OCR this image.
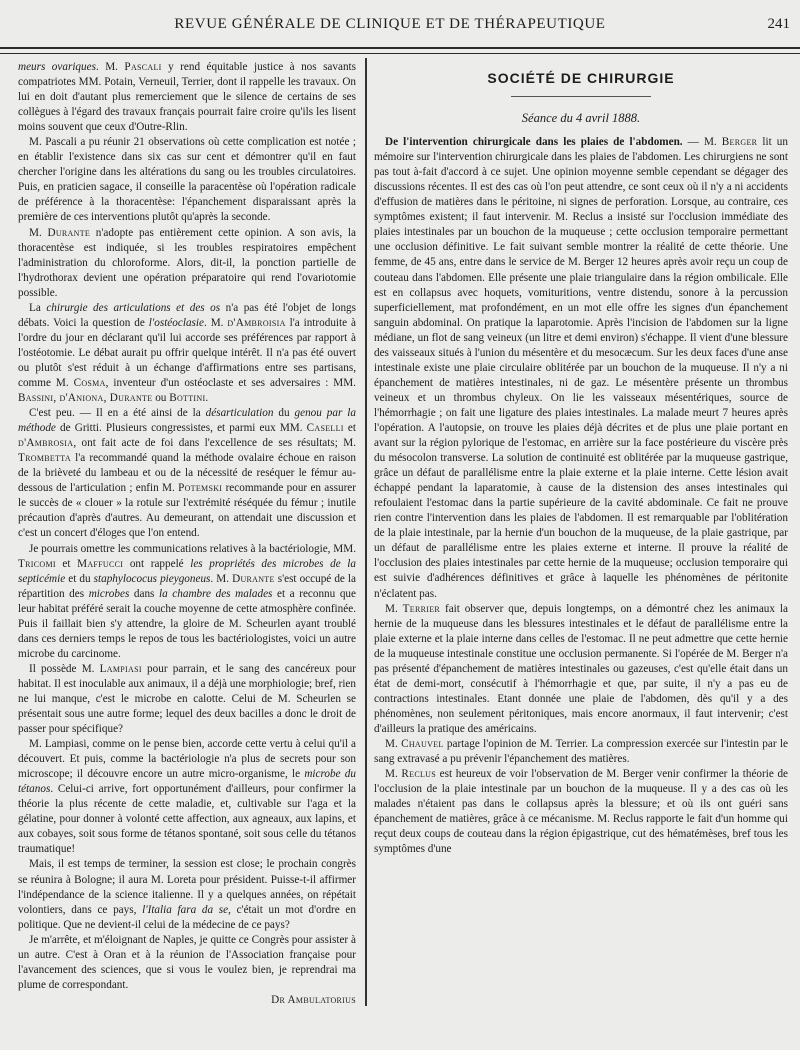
REVUE GÉNÉRALE DE CLINIQUE ET DE THÉRAPEUTIQUE	241

meurs ovariques. M. Pascali y rend équitable justice à nos savants compatriotes MM. Potain, Verneuil, Terrier, dont il rappelle les travaux. On lui en doit d'autant plus remerciement que le silence de certains de ses collègues à l'égard des travaux français pourrait faire croire qu'ils les lisent moins souvent que ceux d'Outre-Rlin.

M. Pascali a pu réunir 21 observations où cette complication est notée ; en établir l'existence dans six cas sur cent et démontrer qu'il en faut chercher l'origine dans les altérations du sang ou les troubles circulatoires. Puis, en praticien sagace, il conseille la paracentèse où l'opération radicale de préférence à la thoracentèse: l'épanchement disparaissant après la première de ces interventions plutôt qu'après la seconde.

M. Durante n'adopte pas entièrement cette opinion. A son avis, la thoracentèse est indiquée, si les troubles respiratoires empêchent l'administration du chloroforme. Alors, dit-il, la ponction partielle de l'hydrothorax devient une opération préparatoire qui rend l'ovariotomie possible.

La chirurgie des articulations et des os n'a pas été l'objet de longs débats. Voici la question de l'ostéoclasie. M. d'Ambroisia l'a introduite à l'ordre du jour en déclarant qu'il lui accorde ses préférences par rapport à l'ostéotomie. Le débat aurait pu offrir quelque intérêt. Il n'a pas été ouvert ou plutôt s'est réduit à un échange d'affirmations entre ses partisans, comme M. Cosma, inventeur d'un ostéoclaste et ses adversaires : MM. Bassini, d'Aniona, Durante ou Bottini.

C'est peu. — Il en a été ainsi de la désarticulation du genou par la méthode de Gritti. Plusieurs congressistes, et parmi eux MM. Caselli et d'Ambrosia, ont fait acte de foi dans l'excellence de ses résultats; M. Trombetta l'a recommandé quand la méthode ovalaire échoue en raison de la brièveté du lambeau et ou de la nécessité de reséquer le fémur au-dessous de l'articulation ; enfin M. Potemski recommande pour en assurer le succès de « clouer » la rotule sur l'extrémité réséquée du fémur ; inutile précaution d'après d'autres. Au demeurant, on attendait une discussion et c'est un concert d'éloges que l'on entend.

Je pourrais omettre les communications relatives à la bactériologie, MM. Tricomi et Maffucci ont rappelé les propriétés des microbes de la septicémie et du staphylococus pieygoneus. M. Durante s'est occupé de la répartition des microbes dans la chambre des malades et a reconnu que leur habitat préféré serait la couche moyenne de cette atmosphère confinée. Puis il faillait bien s'y attendre, la gloire de M. Scheurlen ayant troublé dans ces derniers temps le repos de tous les bactériologistes, voici un autre microbe du carcinome.

Il possède M. Lampiasi pour parrain, et le sang des cancéreux pour habitat. Il est inoculable aux animaux, il a déjà une morphiologie; bref, rien ne lui manque, c'est le microbe en calotte. Celui de M. Scheurlen se présentait sous une autre forme; lequel des deux bacilles a donc le droit de passer pour spécifique?

M. Lampiasi, comme on le pense bien, accorde cette vertu à celui qu'il a découvert. Et puis, comme la bactériologie n'a plus de secrets pour son microscope; il découvre encore un autre micro-organisme, le microbe du tétanos. Celui-ci arrive, fort opportunément d'ailleurs, pour confirmer la théorie la plus récente de cette maladie, et, cultivable sur l'aga et la gélatine, pour donner à volonté cette affection, aux agneaux, aux lapins, et aux cobayes, soit sous forme de tétanos spontané, soit sous celle du tétanos traumatique!

Mais, il est temps de terminer, la session est close; le prochain congrès se réunira à Bologne; il aura M. Loreta pour président. Puisse-t-il affirmer l'indépendance de la science italienne. Il y a quelques années, on répétait volontiers, dans ce pays, l'Italia fara da se, c'était un mot d'ordre en politique. Que ne devient-il celui de la médecine de ce pays?

Je m'arrête, et m'éloignant de Naples, je quitte ce Congrès pour assister à un autre. C'est à Oran et à la réunion de l'Association française pour l'avancement des sciences, que si vous le voulez bien, je reprendrai ma plume de correspondant.

Dr Ambulatorius

SOCIÉTÉ DE CHIRURGIE
Séance du 4 avril 1888.

De l'intervention chirurgicale dans les plaies de l'abdomen. — M. Berger lit un mémoire sur l'intervention chirurgicale dans les plaies de l'abdomen. Les chirurgiens ne sont pas tout à-fait d'accord à ce sujet. Une opinion moyenne semble cependant se dégager des discussions récentes. Il est des cas où l'on peut attendre, ce sont ceux où il n'y a ni accidents d'effusion de matières dans le péritoine, ni signes de perforation. Lorsque, au contraire, ces symptômes existent; il faut intervenir. M. Reclus a insisté sur l'occlusion immédiate des plaies intestinales par un bouchon de la muqueuse ; cette occlusion temporaire permettant une occlusion définitive. Le fait suivant semble montrer la réalité de cette théorie. Une femme, de 45 ans, entre dans le service de M. Berger 12 heures après avoir reçu un coup de couteau dans l'abdomen. Elle présente une plaie triangulaire dans la région ombilicale. Elle est en collapsus avec hoquets, vomituritions, ventre distendu, sonore à la percussion superficiellement, mat profondément, en un mot elle offre les signes d'un épanchement sanguin abdominal. On pratique la laparotomie. Après l'incision de l'abdomen sur la ligne médiane, un flot de sang veineux (un litre et demi environ) s'échappe. Il vient d'une blessure des vaisseaux situés à l'union du mésentère et du mesocæcum. Sur les deux faces d'une anse intestinale existe une plaie circulaire oblitérée par un bouchon de la muqueuse. Il n'y a ni épanchement de matières intestinales, ni de gaz. Le mésentère présente un thrombus veineux et un thrombus chyleux. On lie les vaisseaux mésentériques, source de l'hémorrhagie ; on fait une ligature des plaies intestinales. La malade meurt 7 heures après l'opération. A l'autopsie, on trouve les plaies déjà décrites et de plus une plaie portant en avant sur la région pylorique de l'estomac, en arrière sur la face postérieure du viscère près du mésocolon transverse. La solution de continuité est oblitérée par la muqueuse gastrique, grâce un défaut de parallélisme entre la plaie externe et la plaie interne. Cette lésion avait échappé pendant la laparatomie, à cause de la distension des anses intestinales qui refoulaient l'estomac dans la partie supérieure de la cavité abdominale. Ce fait ne prouve rien contre l'intervention dans les plaies de l'abdomen. Il est remarquable par l'oblitération de la plaie intestinale, par la hernie d'un bouchon de la muqueuse, de la plaie gastrique, par un défaut de parallélisme entre les plaies externe et interne. Il prouve la réalité de l'occlusion des plaies intestinales par cette hernie de la muqueuse; occlusion temporaire qui est suivie d'adhérences définitives et grâce à laquelle les phénomènes de péritonite n'éclatent pas.

M. Terrier fait observer que, depuis longtemps, on a démontré chez les animaux la hernie de la muqueuse dans les blessures intestinales et le défaut de parallélisme entre la plaie externe et la plaie interne dans celles de l'estomac. Il ne peut admettre que cette hernie de la muqueuse intestinale constitue une occlusion permanente. Si l'opérée de M. Berger n'a pas présenté d'épanchement de matières intestinales ou gazeuses, c'est qu'elle était dans un état de demi-mort, consécutif à l'hémorrhagie et que, par suite, il n'y a pas eu de contractions intestinales. Etant donnée une plaie de l'abdomen, dès qu'il y a des phénomènes, non seulement péritoniques, mais encore anormaux, il faut intervenir; c'est d'ailleurs la pratique des américains.

M. Chauvel partage l'opinion de M. Terrier. La compression exercée sur l'intestin par le sang extravasé a pu prévenir l'épanchement des matières.

M. Reclus est heureux de voir l'observation de M. Berger venir confirmer la théorie de l'occlusion de la plaie intestinale par un bouchon de la muqueuse. Il y a des cas où les malades n'étaient pas dans le collapsus après la blessure; et où ils ont guéri sans épanchement de matières, grâce à ce mécanisme. M. Reclus rapporte le fait d'un homme qui reçut deux coups de couteau dans la région épigastrique, cut des hématémèses, bref tous les symptômes d'une
